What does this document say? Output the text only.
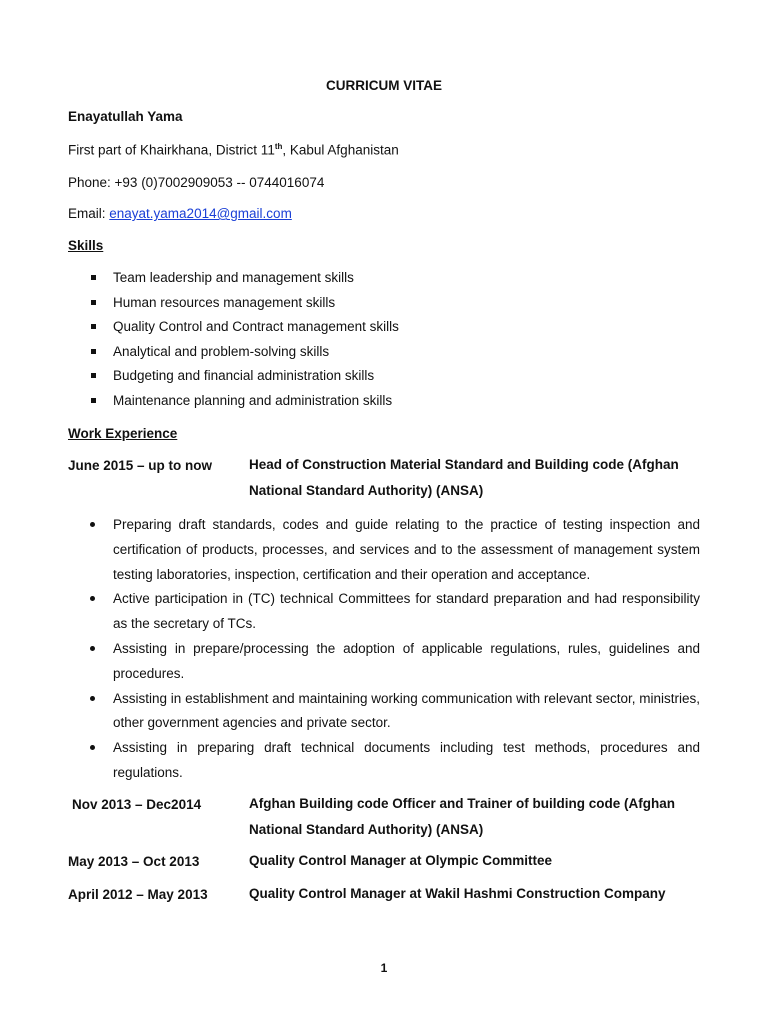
CURRICUM VITAE
Enayatullah Yama
First part of Khairkhana, District 11th, Kabul Afghanistan
Phone: +93 (0)7002909053 -- 0744016074
Email: enayat.yama2014@gmail.com
Skills
Team leadership and management skills
Human resources management skills
Quality Control and Contract management skills
Analytical and problem-solving skills
Budgeting and financial administration skills
Maintenance planning and administration skills
Work Experience
June 2015 – up to now	Head of Construction Material Standard and Building code (Afghan National Standard Authority) (ANSA)
Preparing draft standards, codes and guide relating to the practice of testing inspection and certification of products, processes, and services and to the assessment of management system testing laboratories, inspection, certification and their operation and acceptance.
Active participation in (TC) technical Committees for standard preparation and had responsibility as the secretary of TCs.
Assisting in prepare/processing the adoption of applicable regulations, rules, guidelines and procedures.
Assisting in establishment and maintaining working communication with relevant sector, ministries, other government agencies and private sector.
Assisting in preparing draft technical documents including test methods, procedures and regulations.
Nov 2013 – Dec2014	Afghan Building code Officer and Trainer of building code (Afghan National Standard Authority) (ANSA)
May 2013 – Oct 2013	Quality Control Manager at Olympic Committee
April 2012 – May 2013	Quality Control Manager at Wakil Hashmi Construction Company
1
